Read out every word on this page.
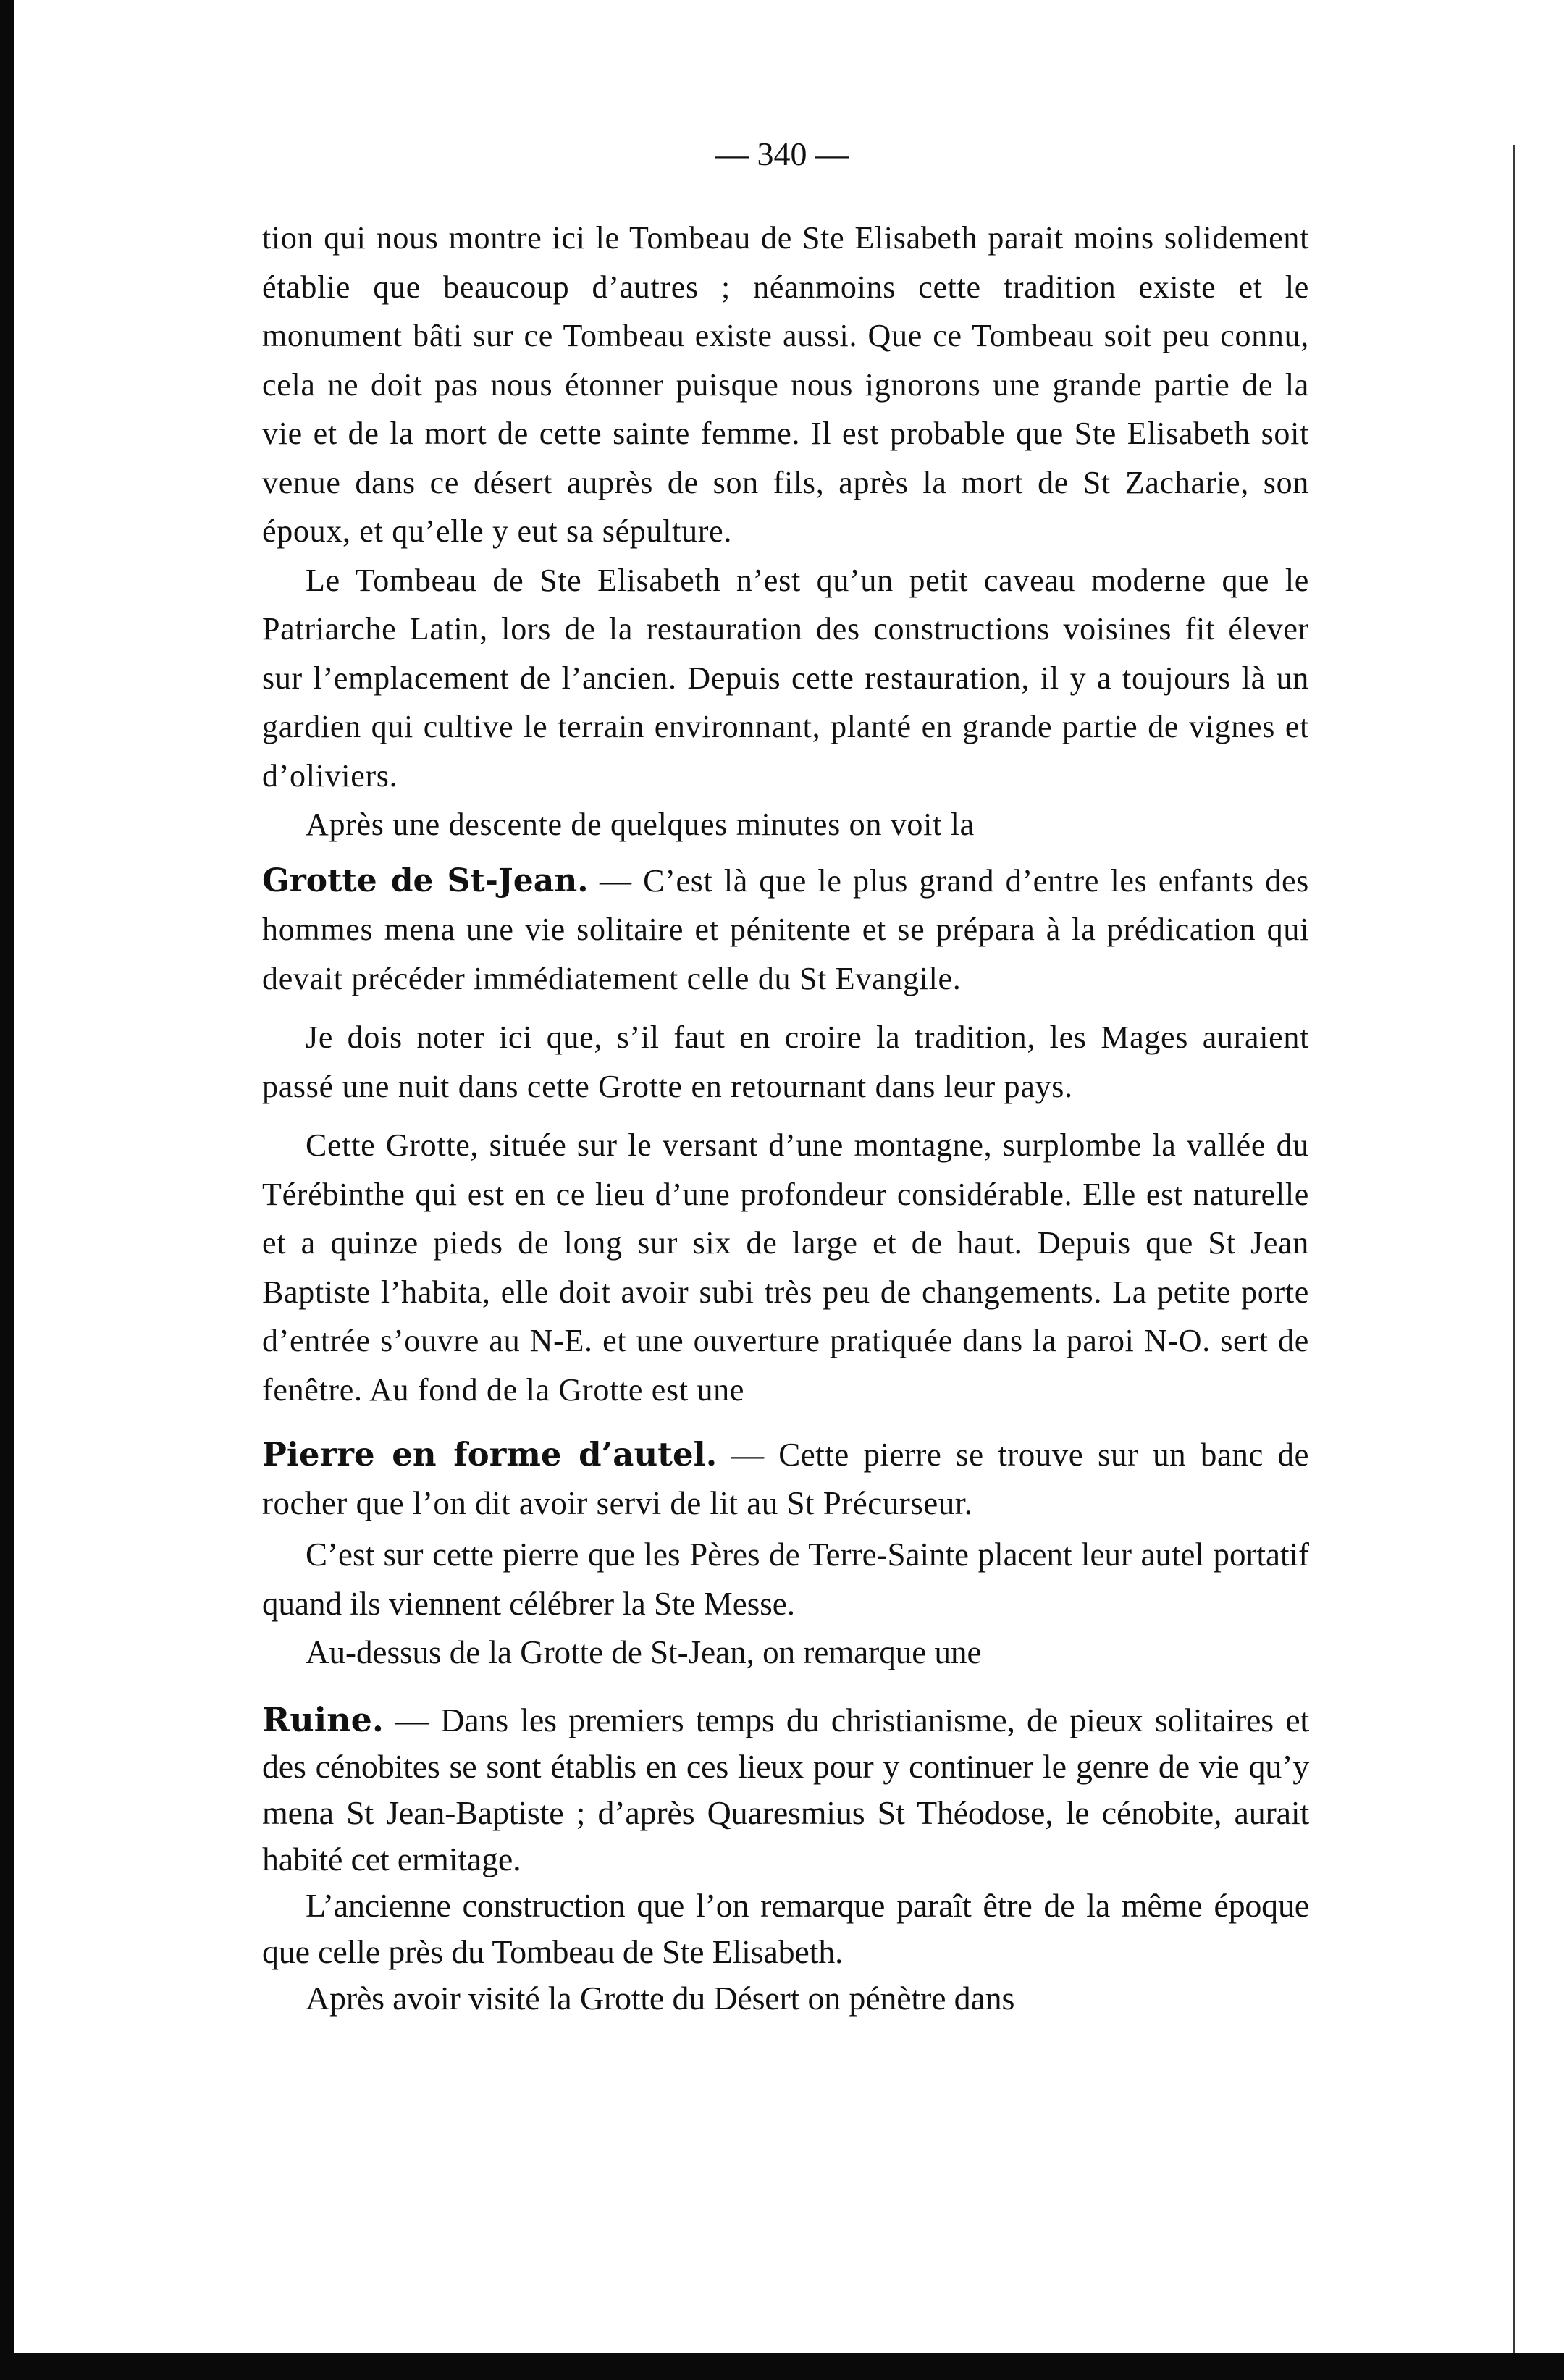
— 340 —

tion qui nous montre ici le Tombeau de Ste Elisabeth parait moins solidement établie que beaucoup d’autres ; néanmoins cette tradition existe et le monument bâti sur ce Tombeau existe aussi. Que ce Tombeau soit peu connu, cela ne doit pas nous étonner puisque nous ignorons une grande partie de la vie et de la mort de cette sainte femme. Il est probable que Ste Elisabeth soit venue dans ce désert auprès de son fils, après la mort de St Zacharie, son époux, et qu’elle y eut sa sépulture.

Le Tombeau de Ste Elisabeth n’est qu’un petit caveau moderne que le Patriarche Latin, lors de la restauration des constructions voisines fit élever sur l’emplacement de l’ancien. Depuis cette restauration, il y a toujours là un gardien qui cultive le terrain environnant, planté en grande partie de vignes et d’oliviers.

Après une descente de quelques minutes on voit la

Grotte de St-Jean. — C’est là que le plus grand d’entre les enfants des hommes mena une vie solitaire et pénitente et se prépara à la prédication qui devait précéder immédiatement celle du St Evangile.

Je dois noter ici que, s’il faut en croire la tradition, les Mages auraient passé une nuit dans cette Grotte en retournant dans leur pays.

Cette Grotte, située sur le versant d’une montagne, surplombe la vallée du Térébinthe qui est en ce lieu d’une profondeur considérable. Elle est naturelle et a quinze pieds de long sur six de large et de haut. Depuis que St Jean Baptiste l’habita, elle doit avoir subi très peu de changements. La petite porte d’entrée s’ouvre au N-E. et une ouverture pratiquée dans la paroi N-O. sert de fenêtre. Au fond de la Grotte est une

Pierre en forme d’autel. — Cette pierre se trouve sur un banc de rocher que l’on dit avoir servi de lit au St Précurseur.

C’est sur cette pierre que les Pères de Terre-Sainte placent leur autel portatif quand ils viennent célébrer la Ste Messe.

Au-dessus de la Grotte de St-Jean, on remarque une

Ruine. — Dans les premiers temps du christianisme, de pieux solitaires et des cénobites se sont établis en ces lieux pour y continuer le genre de vie qu’y mena St Jean-Baptiste ; d’après Quaresmius St Théodose, le cénobite, aurait habité cet ermitage.

L’ancienne construction que l’on remarque paraît être de la même époque que celle près du Tombeau de Ste Elisabeth.

Après avoir visité la Grotte du Désert on pénètre dans
